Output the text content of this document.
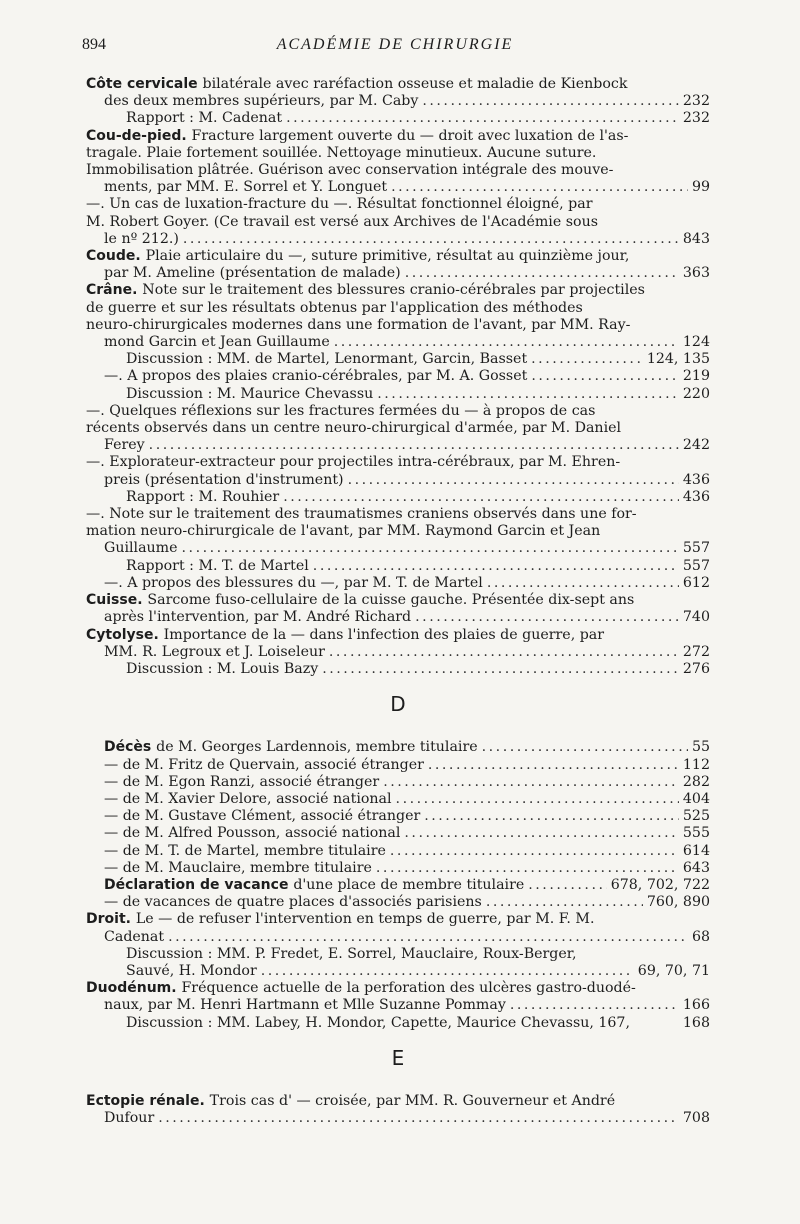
894	ACADÉMIE DE CHIRURGIE
Côte cervicale bilatérale avec raréfaction osseuse et maladie de Kienbock
des deux membres supérieurs, par M. Caby . . .	232
Rapport : M. Cadenat . . .	232
Cou-de-pied. Fracture largement ouverte du — droit avec luxation de l'as-
tragale. Plaie fortement souillée. Nettoyage minutieux. Aucune suture.
Immobilisation plâtrée. Guérison avec conservation intégrale des mouve-
ments, par MM. E. Sorrel et Y. Longuet . . .	99
—. Un cas de luxation-fracture du —. Résultat fonctionnel éloigné, par
M. Robert Goyer. (Ce travail est versé aux Archives de l'Académie sous
le nº 212.) . . .	843
Coude. Plaie articulaire du —, suture primitive, résultat au quinzième jour,
par M. Ameline (présentation de malade) . . .	363
Crâne. Note sur le traitement des blessures cranio-cérébrales par projectiles
de guerre et sur les résultats obtenus par l'application des méthodes
neuro-chirurgicales modernes dans une formation de l'avant, par MM. Ray-
mond Garcin et Jean Guillaume . . .	124
Discussion : MM. de Martel, Lenormant, Garcin, Basset . . .	124, 135
—. A propos des plaies cranio-cérébrales, par M. A. Gosset . . .	219
Discussion : M. Maurice Chevassu . . .	220
—. Quelques réflexions sur les fractures fermées du — à propos de cas
récents observés dans un centre neuro-chirurgical d'armée, par M. Daniel
Ferey . . .	242
—. Explorateur-extracteur pour projectiles intra-cérébraux, par M. Ehren-
preis (présentation d'instrument) . . .	436
Rapport : M. Rouhier . . .	436
—. Note sur le traitement des traumatismes craniens observés dans une for-
mation neuro-chirurgicale de l'avant, par MM. Raymond Garcin et Jean
Guillaume . . .	557
Rapport : M. T. de Martel . . .	557
—. A propos des blessures du —, par M. T. de Martel . . .	612
Cuisse. Sarcome fuso-cellulaire de la cuisse gauche. Présentée dix-sept ans
après l'intervention, par M. André Richard . . .	740
Cytolyse. Importance de la — dans l'infection des plaies de guerre, par
MM. R. Legroux et J. Loiseleur . . .	272
Discussion : M. Louis Bazy . . .	276
D
Décès de M. Georges Lardennois, membre titulaire . . .	55
— de M. Fritz de Quervain, associé étranger . . .	112
— de M. Egon Ranzi, associé étranger . . .	282
— de M. Xavier Delore, associé national . . .	404
— de M. Gustave Clément, associé étranger . . .	525
— de M. Alfred Pousson, associé national . . .	555
— de M. T. de Martel, membre titulaire . . .	614
— de M. Mauclaire, membre titulaire . . .	643
Déclaration de vacance d'une place de membre titulaire . . .	678, 702, 722
— de vacances de quatre places d'associés parisiens . . .	760, 890
Droit. Le — de refuser l'intervention en temps de guerre, par M. F. M.
Cadenat . . .	68
Discussion : MM. P. Fredet, E. Sorrel, Mauclaire, Roux-Berger,
Sauvé, H. Mondor . . .	69, 70, 71
Duodénum. Fréquence actuelle de la perforation des ulcères gastro-duodé-
naux, par M. Henri Hartmann et Mlle Suzanne Pommay . . .	166
Discussion : MM. Labey, H. Mondor, Capette, Maurice Chevassu, 167,	168
E
Ectopie rénale. Trois cas d' — croisée, par MM. R. Gouverneur et André
Dufour . . .	708
